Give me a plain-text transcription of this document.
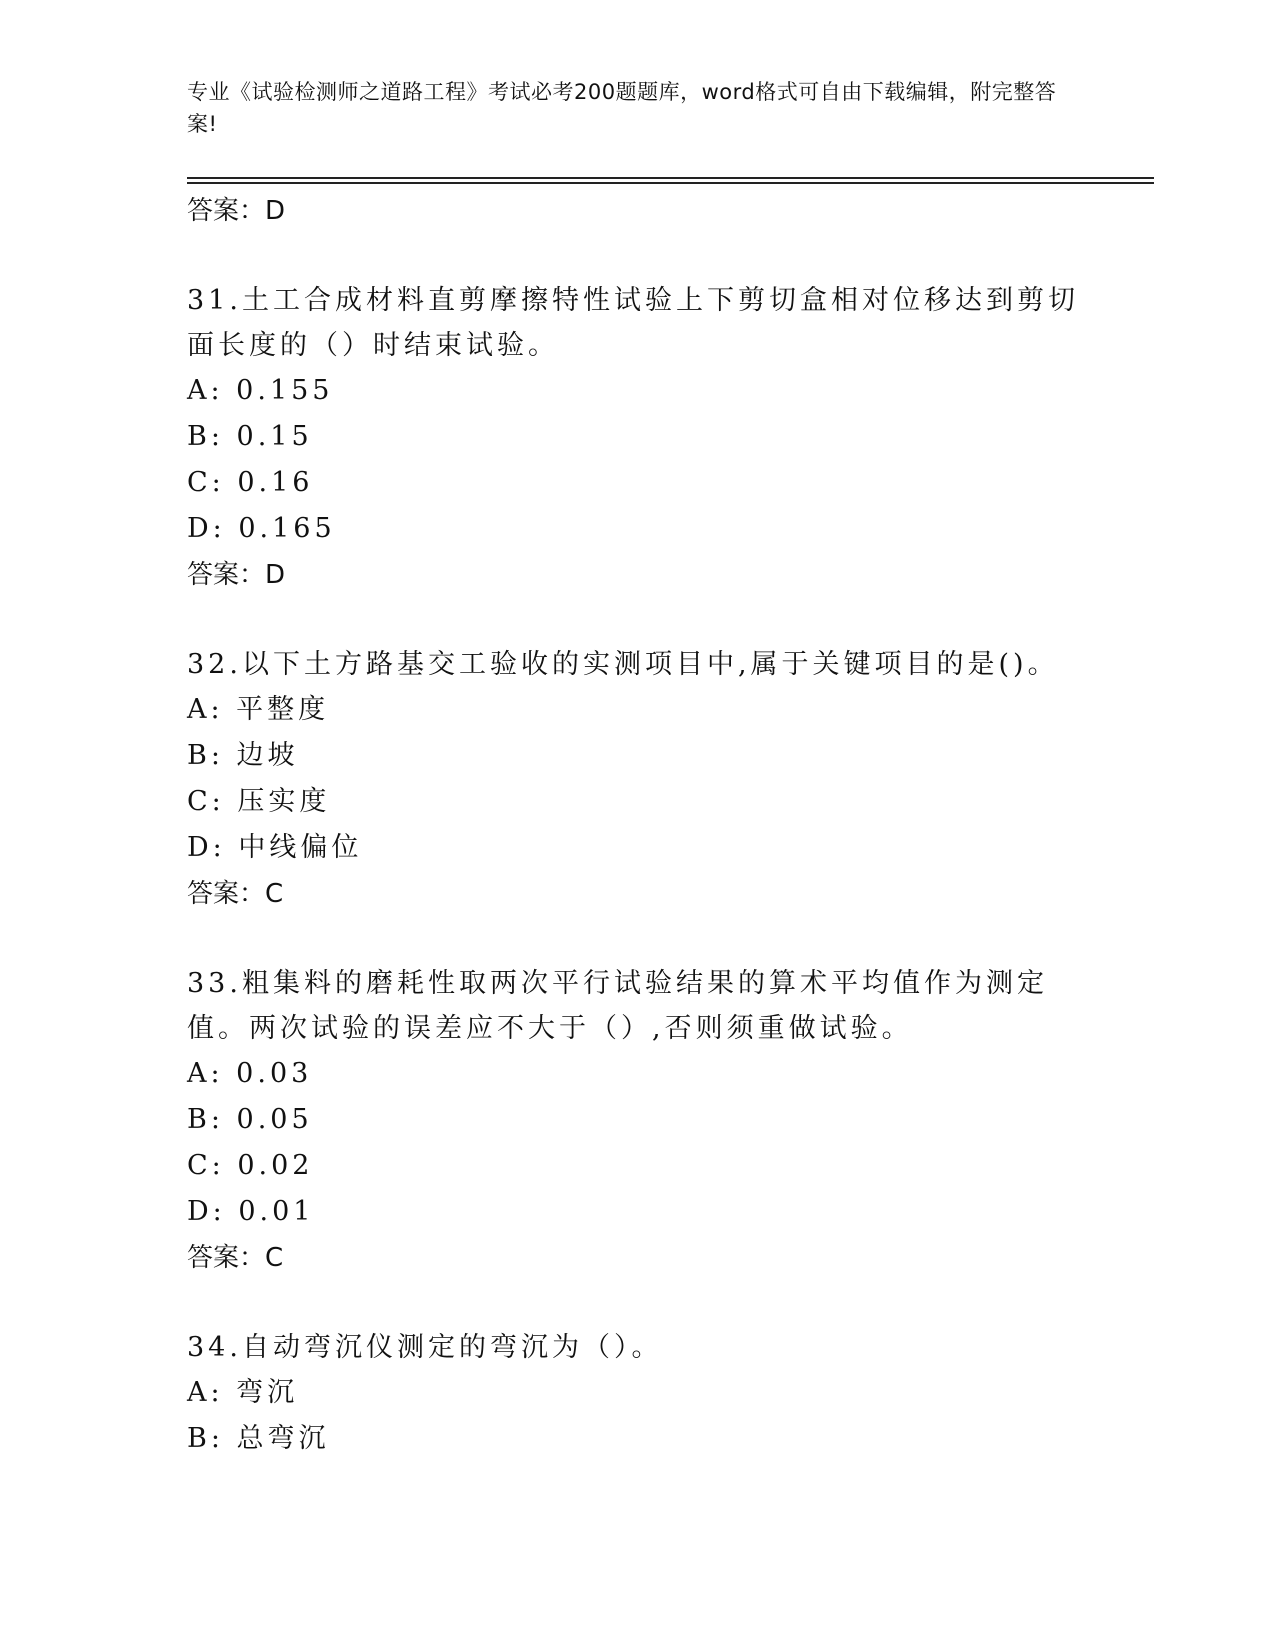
专业《试验检测师之道路工程》考试必考200题题库，word格式可自由下载编辑，附完整答案!
答案：D
31.土工合成材料直剪摩擦特性试验上下剪切盒相对位移达到剪切面长度的（）时结束试验。
A: 0.155
B: 0.15
C: 0.16
D: 0.165
答案：D
32.以下土方路基交工验收的实测项目中,属于关键项目的是()。
A: 平整度
B: 边坡
C: 压实度
D: 中线偏位
答案：C
33.粗集料的磨耗性取两次平行试验结果的算术平均值作为测定值。两次试验的误差应不大于（）,否则须重做试验。
A: 0.03
B: 0.05
C: 0.02
D: 0.01
答案：C
34.自动弯沉仪测定的弯沉为（）。
A: 弯沉
B: 总弯沉
